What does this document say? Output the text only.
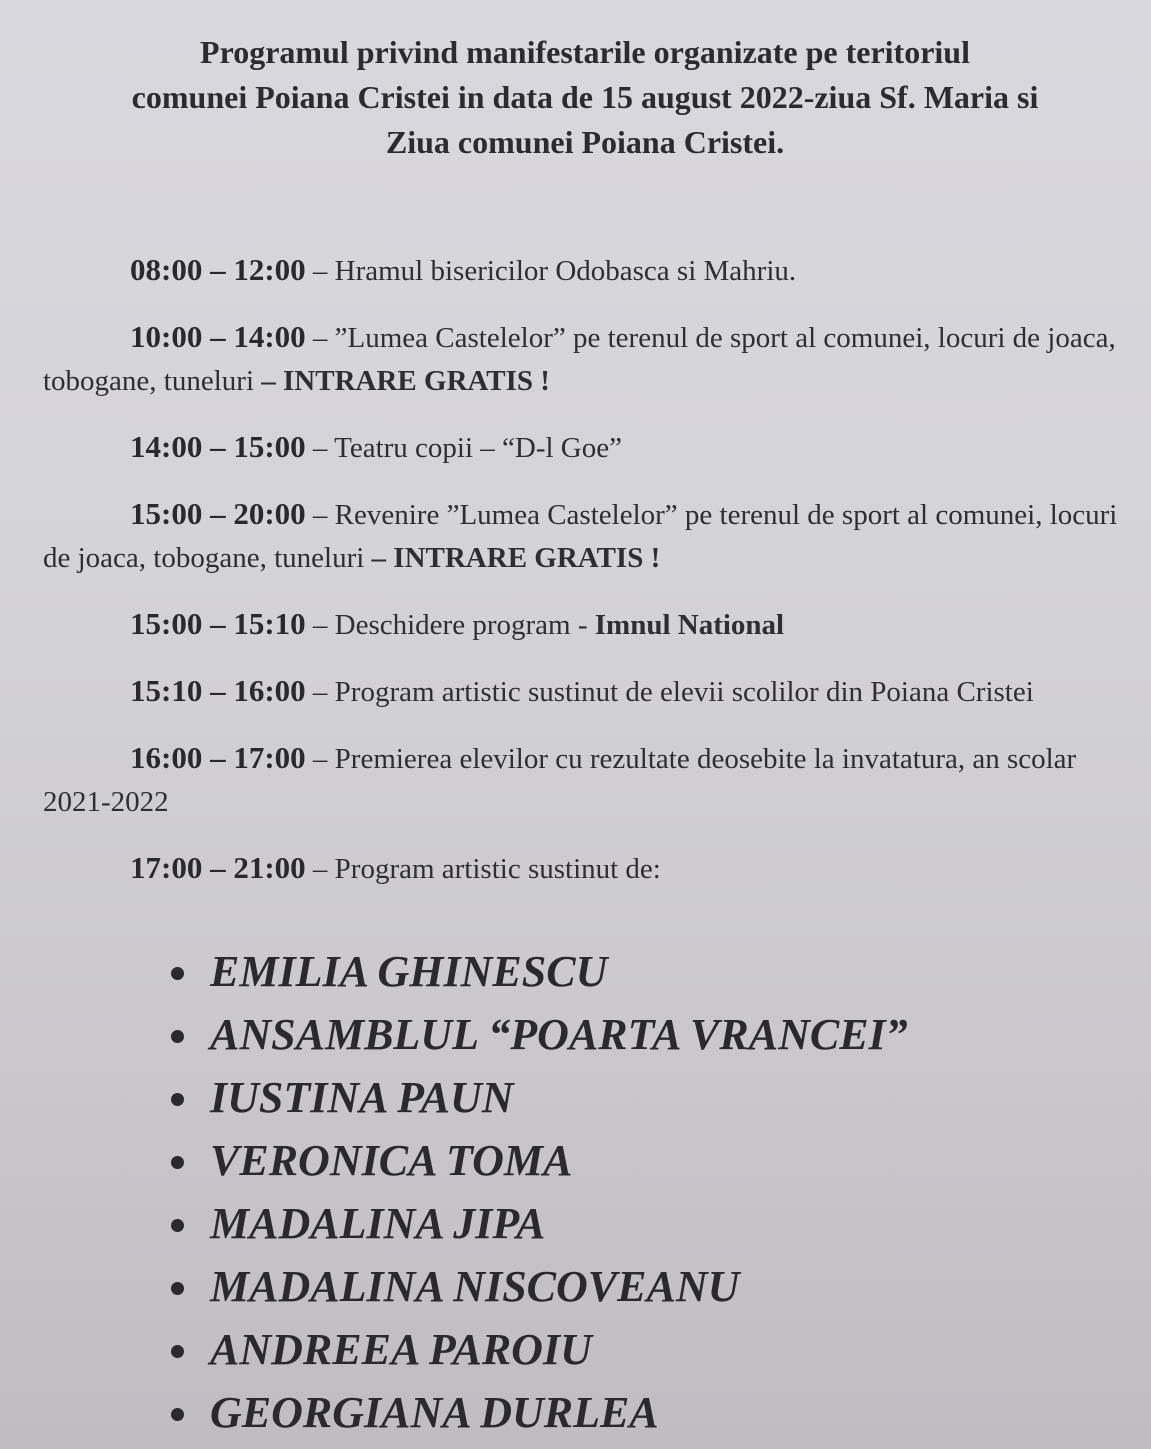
Programul privind manifestarile organizate pe teritoriul
comunei Poiana Cristei in data de 15 august 2022-ziua Sf. Maria si
Ziua comunei Poiana Cristei.

08:00 – 12:00 – Hramul bisericilor Odobasca si Mahriu.

10:00 – 14:00 – ”Lumea Castelelor” pe terenul de sport al comunei, locuri de joaca, tobogane, tuneluri – INTRARE GRATIS !

14:00 – 15:00 – Teatru copii – “D-l Goe”

15:00 – 20:00 – Revenire ”Lumea Castelelor” pe terenul de sport al comunei, locuri de joaca, tobogane, tuneluri – INTRARE GRATIS !

15:00 – 15:10 – Deschidere program - Imnul National

15:10 – 16:00 – Program artistic sustinut de elevii scolilor din Poiana Cristei

16:00 – 17:00 – Premierea elevilor cu rezultate deosebite la invatatura, an scolar 2021-2022

17:00 – 21:00 – Program artistic sustinut de:

EMILIA GHINESCU
ANSAMBLUL “POARTA VRANCEI”
IUSTINA PAUN
VERONICA TOMA
MADALINA JIPA
MADALINA NISCOVEANU
ANDREEA PAROIU
GEORGIANA DURLEA
